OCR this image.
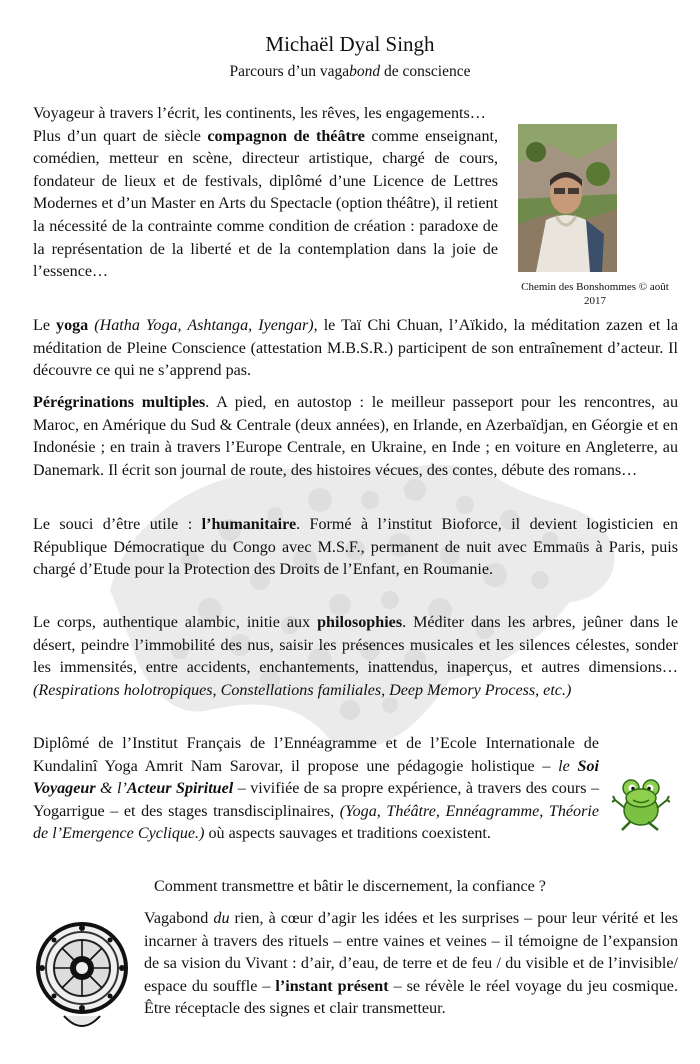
Michaël Dyal Singh
Parcours d’un vagabond de conscience
Voyageur à travers l’écrit, les continents, les rêves, les engagements…
Plus d’un quart de siècle compagnon de théâtre comme enseignant, comédien, metteur en scène, directeur artistique, chargé de cours, fondateur de lieux et de festivals, diplômé d’une Licence de Lettres Modernes et d’un Master en Arts du Spectacle (option théâtre), il retient la nécessité de la contrainte comme condition de création : paradoxe de la représentation de la liberté et de la contemplation dans la joie de l’essence…
Chemin des Bonshommes © août 2017
Le yoga (Hatha Yoga, Ashtanga, Iyengar), le Taï Chi Chuan, l’Aïkido, la méditation zazen et la méditation de Pleine Conscience (attestation M.B.S.R.) participent de son entraînement d’acteur. Il découvre ce qui ne s’apprend pas.
Pérégrinations multiples. A pied, en autostop : le meilleur passeport pour les rencontres, au Maroc, en Amérique du Sud & Centrale (deux années), en Irlande, en Azerbaïdjan, en Géorgie et en Indonésie ; en train à travers l’Europe Centrale, en Ukraine, en Inde ; en voiture en Angleterre, au Danemark. Il écrit son journal de route, des histoires vécues, des contes, débute des romans…
Le souci d’être utile : l’humanitaire. Formé à l’institut Bioforce, il devient logisticien en République Démocratique du Congo avec M.S.F., permanent de nuit avec Emmaüs à Paris, puis chargé d’Etude pour la Protection des Droits de l’Enfant, en Roumanie.
Le corps, authentique alambic, initie aux philosophies. Méditer dans les arbres, jeûner dans le désert, peindre l’immobilité des nus, saisir les présences musicales et les silences célestes, sonder les immensités, entre accidents, enchantements, inattendus, inaperçus, et autres dimensions… (Respirations holotropiques, Constellations familiales, Deep Memory Process, etc.)
Diplômé de l’Institut Français de l’Ennéagramme et de l’Ecole Internationale de Kundalinî Yoga Amrit Nam Sarovar, il propose une pédagogie holistique – le Soi Voyageur & l’Acteur Spirituel – vivifiée de sa propre expérience, à travers des cours – Yogarrigue – et des stages transdisciplinaires, (Yoga, Théâtre, Ennéagramme, Théorie de l’Emergence Cyclique.) où aspects sauvages et traditions coexistent.
Comment transmettre et bâtir le discernement, la confiance ?
Vagabond du rien, à cœur d’agir les idées et les surprises – pour leur vérité et les incarner à travers des rituels – entre vaines et veines – il témoigne de l’expansion de sa vision du Vivant : d’air, d’eau, de terre et de feu / du visible et de l’invisible/ espace du souffle – l’instant présent – se révèle le réel voyage du jeu cosmique. Être réceptacle des signes et clair transmetteur.
